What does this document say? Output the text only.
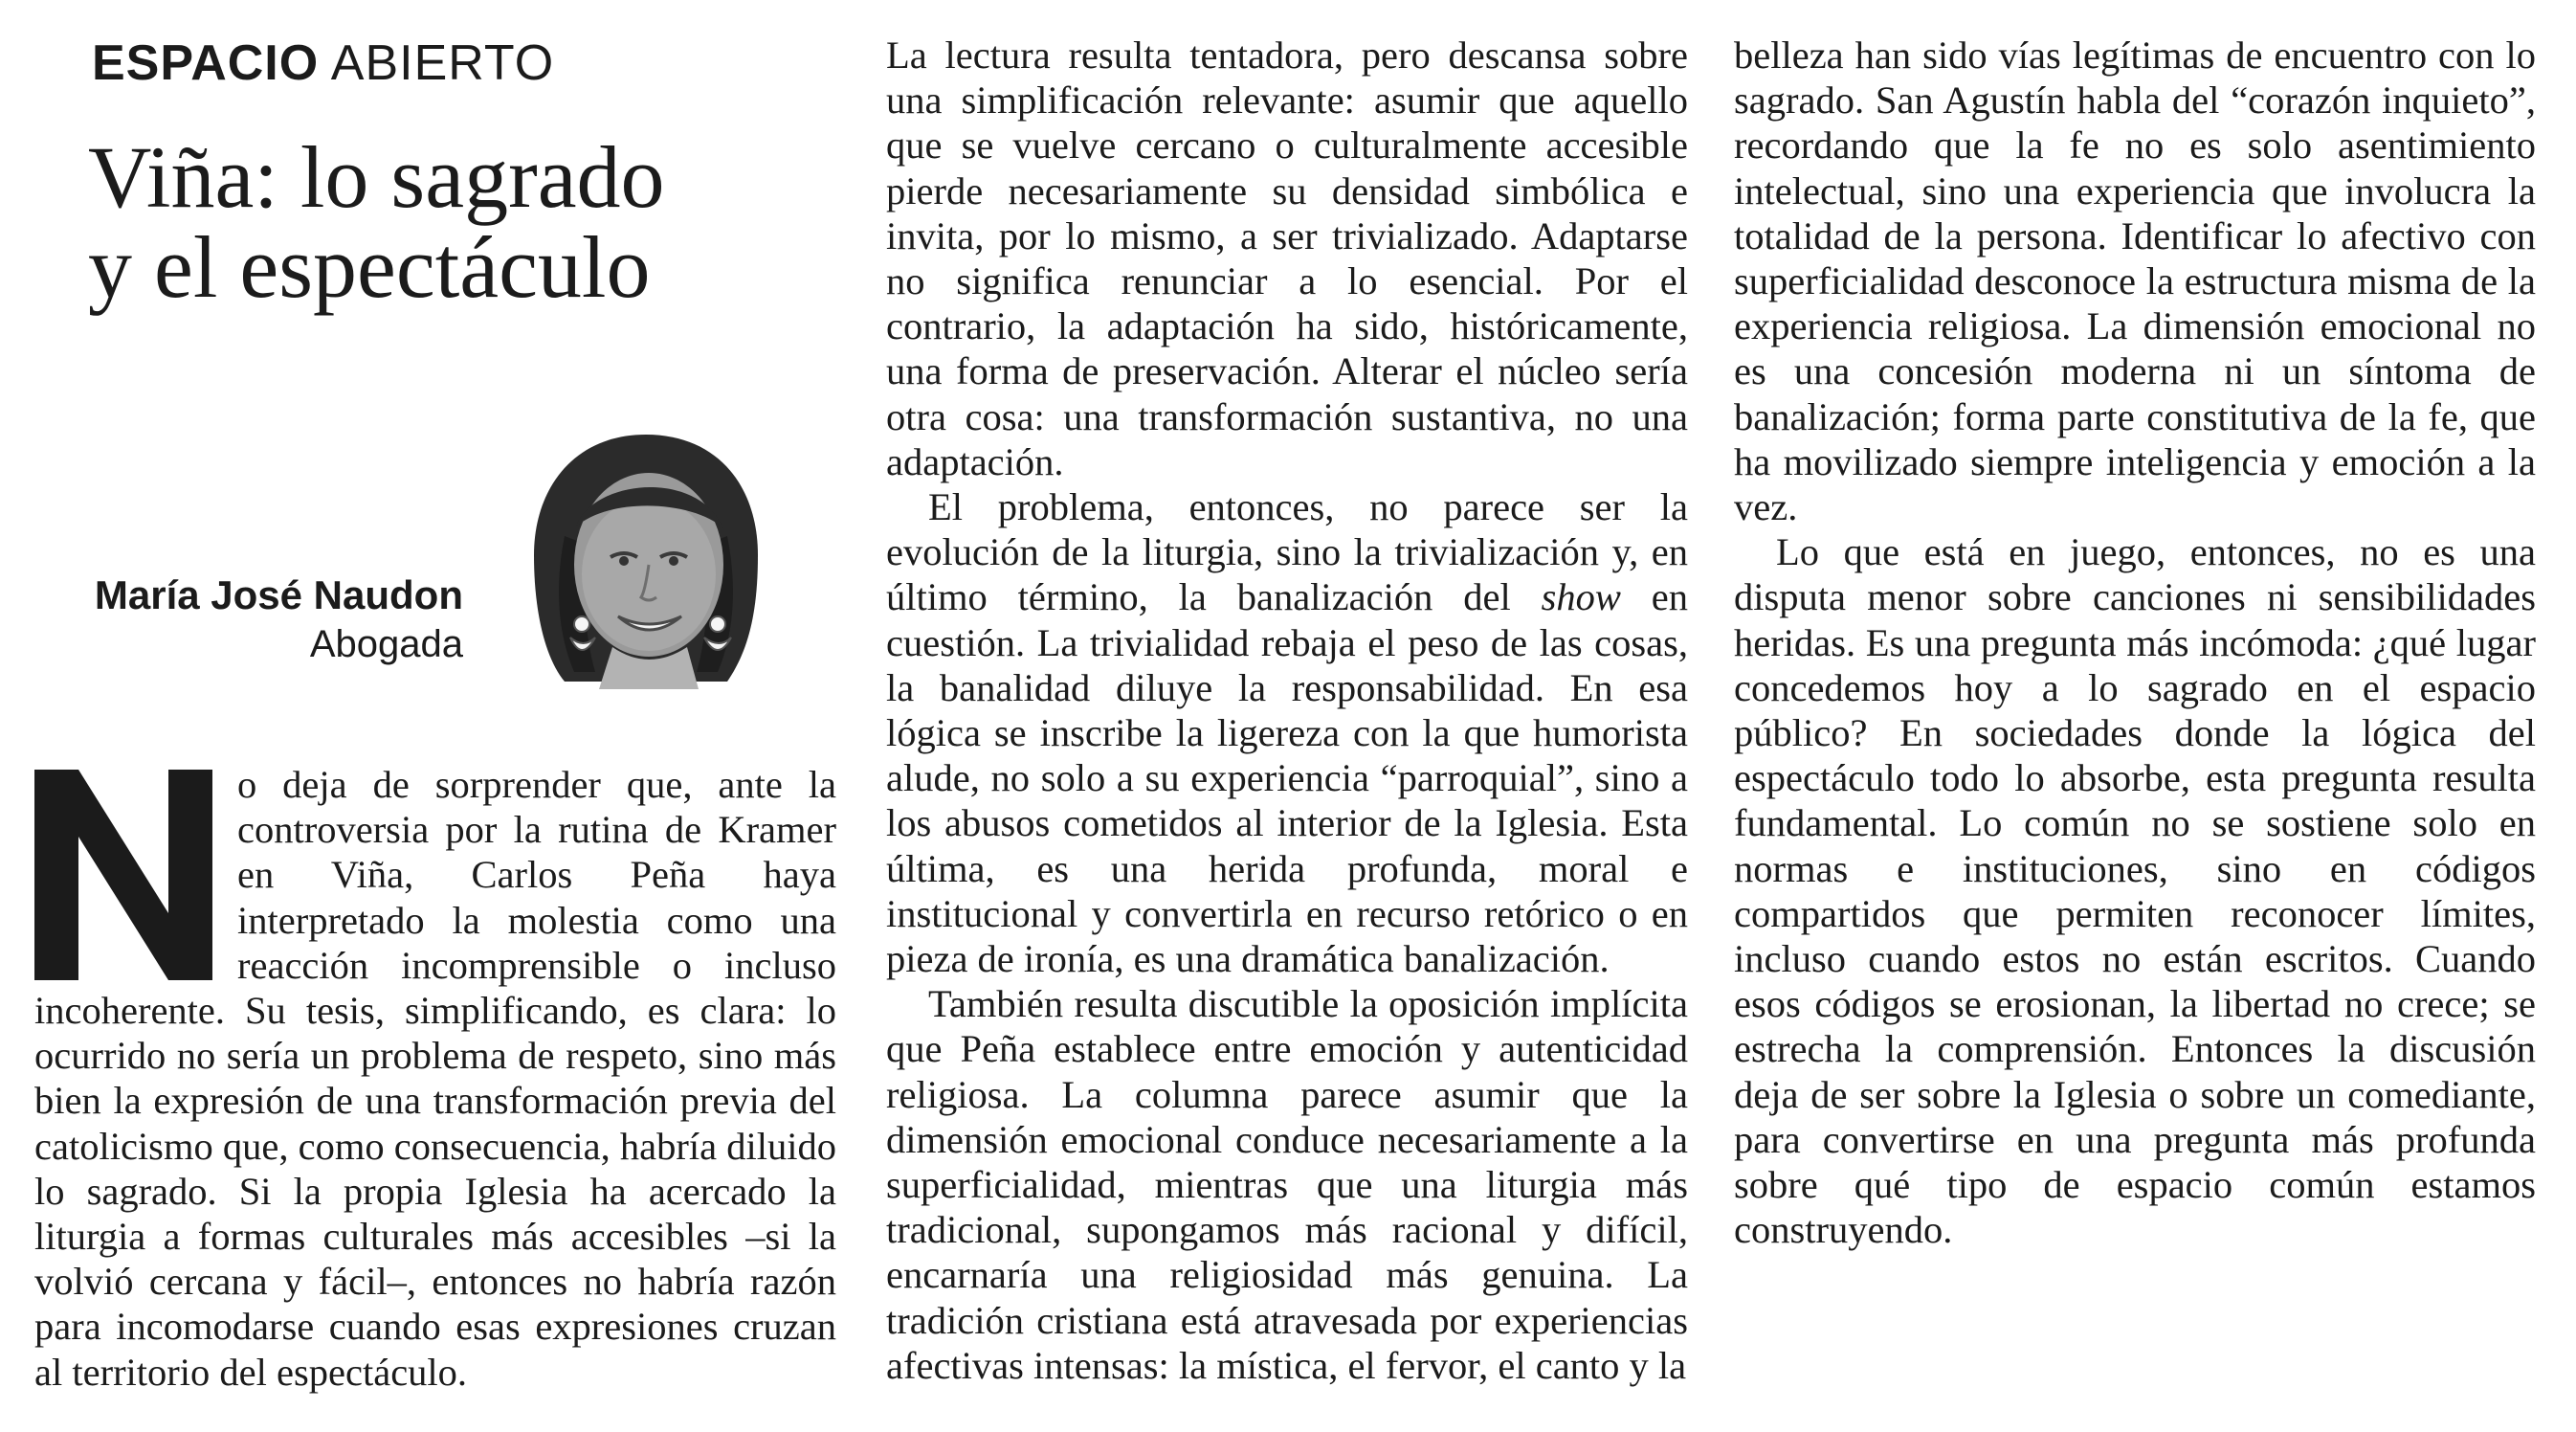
ESPACIO ABIERTO
Viña: lo sagrado
y el espectáculo
María José Naudon
Abogada

o deja de sorprender que, ante la controversia por la rutina de Kramer en Viña, Carlos Peña haya interpretado la molestia como una reacción incomprensible o incluso incoherente. Su tesis, simplificando, es clara: lo ocurrido no sería un problema de respeto, sino más bien la expresión de una transformación previa del catolicismo que, como consecuencia, habría diluido lo sagrado. Si la propia Iglesia ha acercado la liturgia a formas culturales más accesibles –si la volvió cercana y fácil–, entonces no habría razón para incomodarse cuando esas expresiones cruzan al territorio del espectáculo.

La lectura resulta tentadora, pero descansa sobre una simplificación relevante: asumir que aquello que se vuelve cercano o culturalmente accesible pierde necesariamente su densidad simbólica e invita, por lo mismo, a ser trivializado. Adaptarse no significa renunciar a lo esencial. Por el contrario, la adaptación ha sido, históricamente, una forma de preservación. Alterar el núcleo sería otra cosa: una transformación sustantiva, no una adaptación.

El problema, entonces, no parece ser la evolución de la liturgia, sino la trivialización y, en último término, la banalización del show en cuestión. La trivialidad rebaja el peso de las cosas, la banalidad diluye la responsabilidad. En esa lógica se inscribe la ligereza con la que humorista alude, no solo a su experiencia “parroquial”, sino a los abusos cometidos al interior de la Iglesia. Esta última, es una herida profunda, moral e institucional y convertirla en recurso retórico o en pieza de ironía, es una dramática banalización.

También resulta discutible la oposición implícita que Peña establece entre emoción y autenticidad religiosa. La columna parece asumir que la dimensión emocional conduce necesariamente a la superficialidad, mientras que una liturgia más tradicional, supongamos más racional y difícil, encarnaría una religiosidad más genuina. La tradición cristiana está atravesada por experiencias afectivas intensas: la mística, el fervor, el canto y la

belleza han sido vías legítimas de encuentro con lo sagrado. San Agustín habla del “corazón inquieto”, recordando que la fe no es solo asentimiento intelectual, sino una experiencia que involucra la totalidad de la persona. Identificar lo afectivo con superficialidad desconoce la estructura misma de la experiencia religiosa. La dimensión emocional no es una concesión moderna ni un síntoma de banalización; forma parte constitutiva de la fe, que ha movilizado siempre inteligencia y emoción a la vez.

Lo que está en juego, entonces, no es una disputa menor sobre canciones ni sensibilidades heridas. Es una pregunta más incómoda: ¿qué lugar concedemos hoy a lo sagrado en el espacio público? En sociedades donde la lógica del espectáculo todo lo absorbe, esta pregunta resulta fundamental. Lo común no se sostiene solo en normas e instituciones, sino en códigos compartidos que permiten reconocer límites, incluso cuando estos no están escritos. Cuando esos códigos se erosionan, la libertad no crece; se estrecha la comprensión. Entonces la discusión deja de ser sobre la Iglesia o sobre un comediante, para convertirse en una pregunta más profunda sobre qué tipo de espacio común estamos construyendo.
